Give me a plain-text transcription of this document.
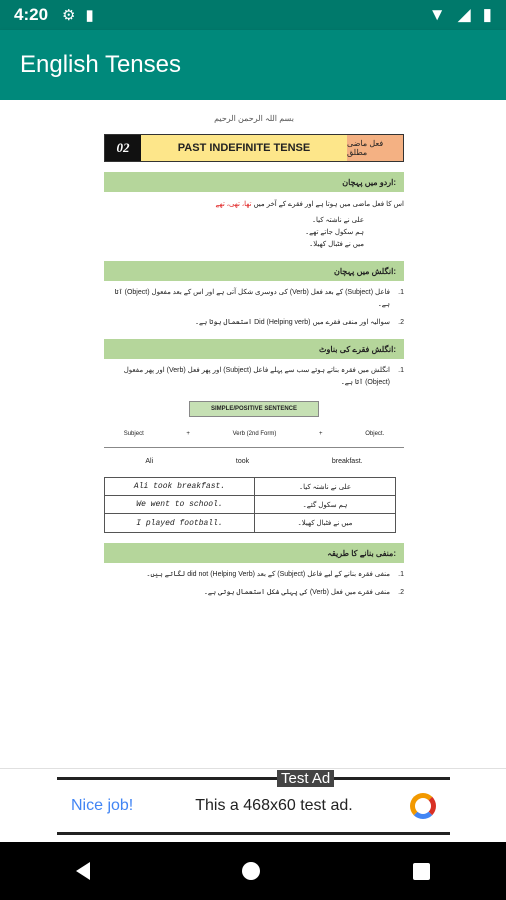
4:20 ⚙ ▮	▼ ◢ ▮
English Tenses
بسم اللہ الرحمن الرحیم
02	PAST INDEFINITE TENSE	فعل ماضی مطلق
اردو میں پہچان:
اس کا فعل ماضی میں ہوتا ہے اور فقرے کے آخر میں تھا، تھی، تھے
علی نے ناشتہ کیا۔
ہم سکول جاتے تھے۔
میں نے فٹبال کھیلا۔
انگلش میں پہچان:
فاعل (Subject) کے بعد فعل (Verb) کی دوسری شکل آتی ہے اور اس کے بعد مفعول (Object) آتا ہے۔
.1
سوالیہ اور منفی فقرے میں Did (Helping verb) استعمال ہوتا ہے۔	.2
انگلش فقرے کی بناوٹ:
انگلش میں فقرہ بناتے ہوئے سب سے پہلے فاعل (Subject) اور پھر فعل (Verb) اور پھر مفعول (Object) آتا ہے۔
.1
SIMPLE/POSITIVE SENTENCE
Subject	+	Verb (2nd Form)	+	Object.
Ali	took	breakfast.
Ali took breakfast.	علی نے ناشتہ کیا۔
We went to school.	ہم سکول گئے۔
I played football.	میں نے فٹبال کھیلا۔
منفی بنانے کا طریقہ:
منفی فقرہ بنانے کے لیے فاعل (Subject) کے بعد did not (Helping Verb) لگاتے ہیں۔	.1
منفی فقرے میں فعل (Verb) کی پہلی شکل استعمال ہوتی ہے۔	.2
Test Ad
Nice job!	This a 468x60 test ad.
